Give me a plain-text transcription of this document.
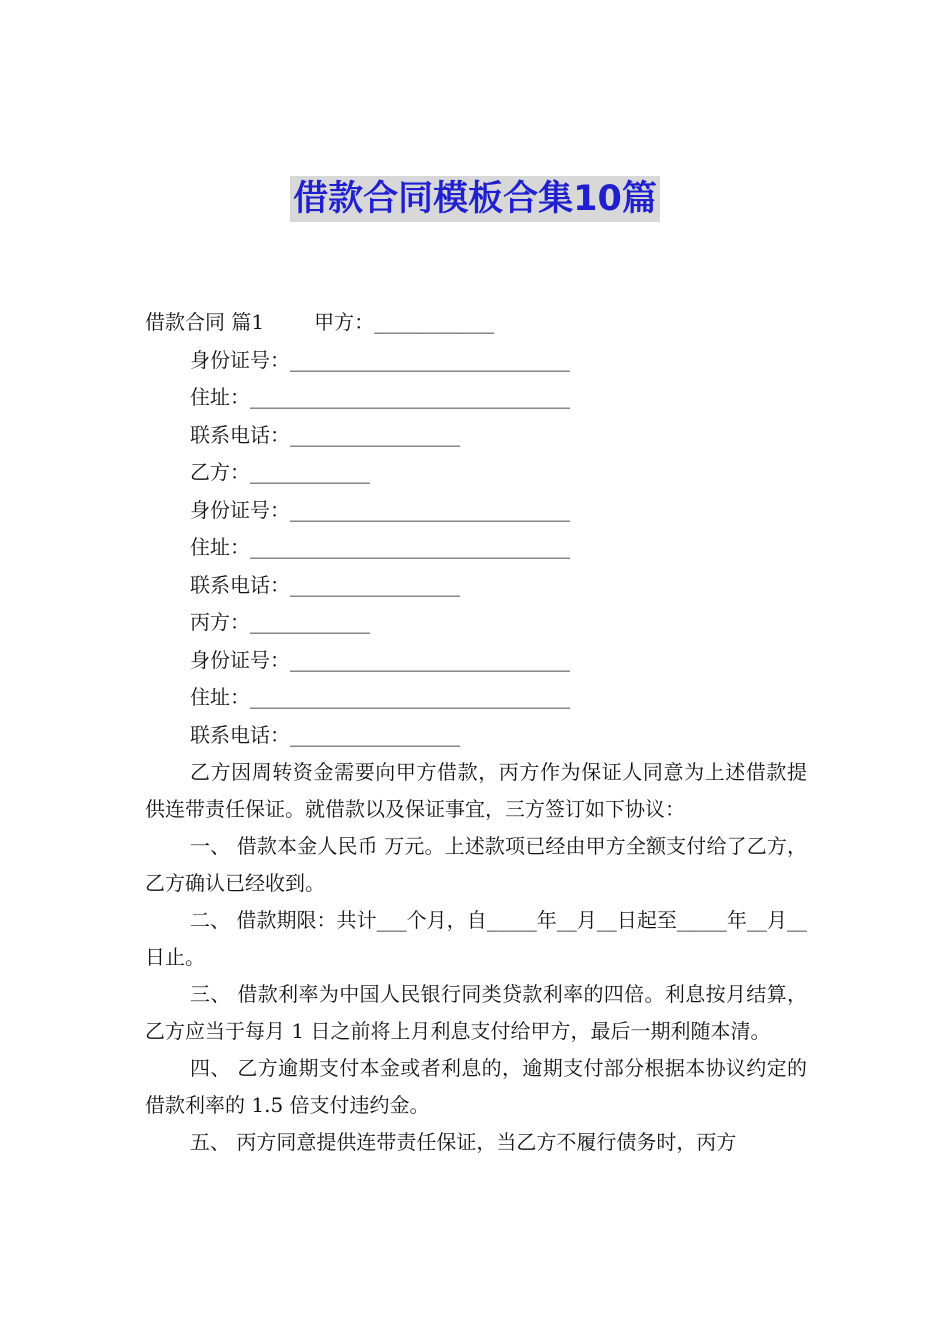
借款合同模板合集10篇
借款合同 篇1	甲方：____________
身份证号：____________________________
住址：________________________________
联系电话：_________________
乙方：____________
身份证号：____________________________
住址：________________________________
联系电话：_________________
丙方：____________
身份证号：____________________________
住址：________________________________
联系电话：_________________

乙方因周转资金需要向甲方借款，丙方作为保证人同意为上述借款提供连带责任保证。就借款以及保证事宜，三方签订如下协议：

一、 借款本金人民币 万元。上述款项已经由甲方全额支付给了乙方，乙方确认已经收到。

二、 借款期限：共计___个月，自_____年__月__日起至_____年__月__日止。

三、 借款利率为中国人民银行同类贷款利率的四倍。利息按月结算，乙方应当于每月 1 日之前将上月利息支付给甲方，最后一期利随本清。

四、 乙方逾期支付本金或者利息的，逾期支付部分根据本协议约定的借款利率的 1.5 倍支付违约金。

五、 丙方同意提供连带责任保证，当乙方不履行债务时，丙方
